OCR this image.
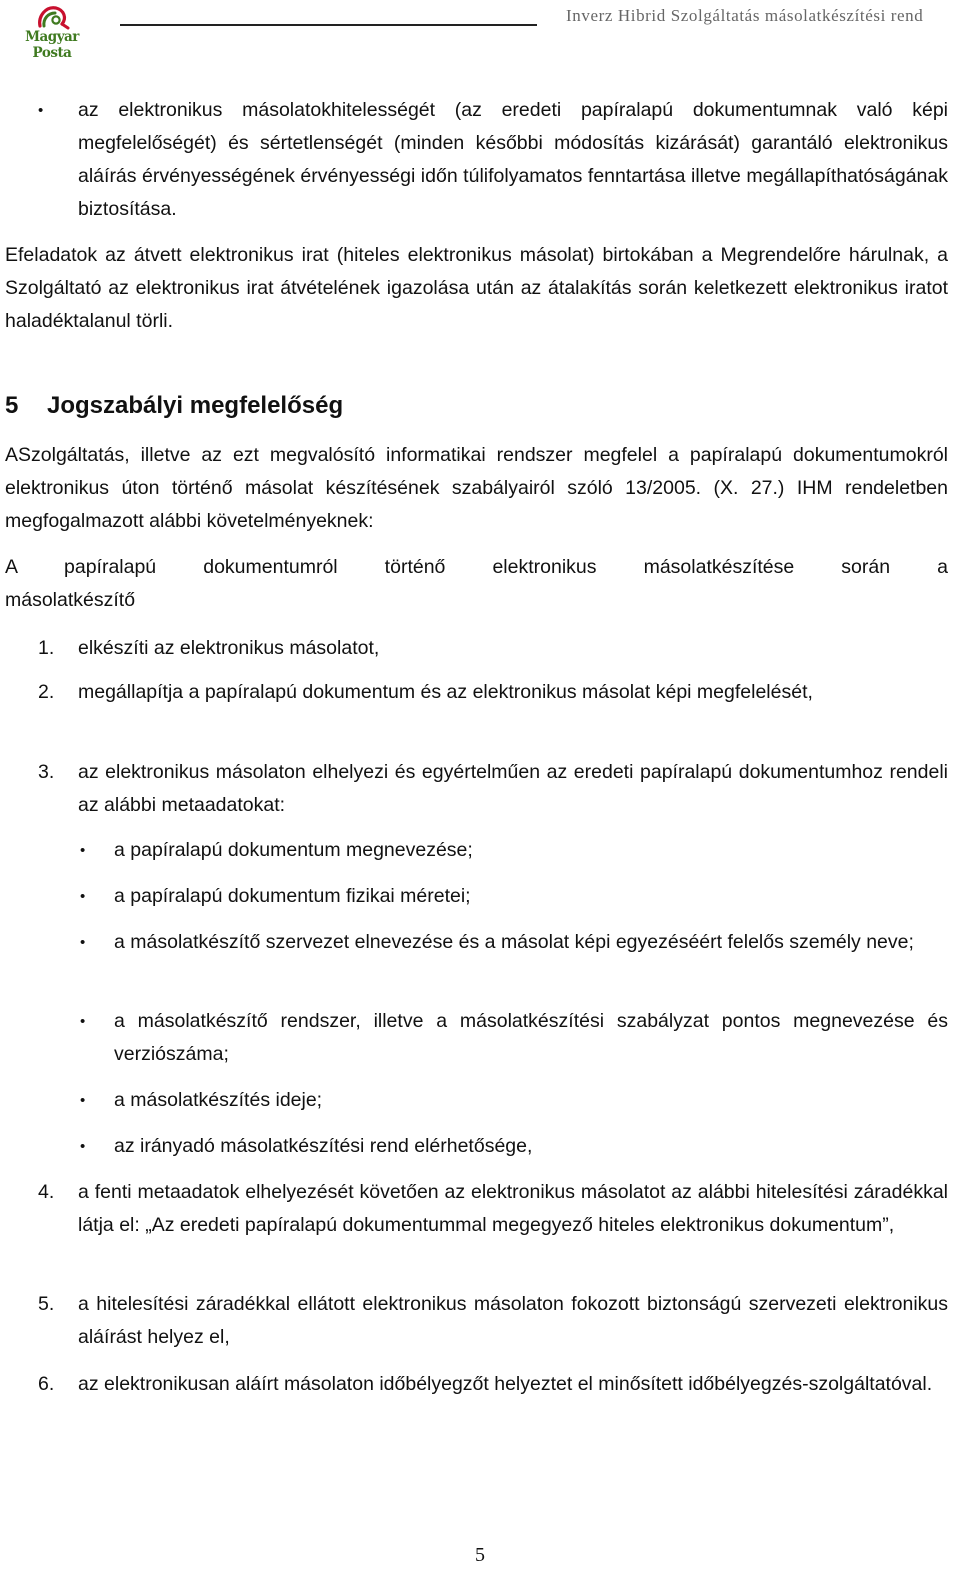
Magyar Posta
Inverz Hibrid Szolgáltatás másolatkészítési rend
• az elektronikus másolatokhitelességét (az eredeti papíralapú dokumentumnak való képi megfelelőségét) és sértetlenségét (minden későbbi módosítás kizárását) garantáló elektronikus aláírás érvényességének érvényességi időn túlifolyamatos fenntartása illetve megállapíthatóságának biztosítása.
Efeladatok az átvett elektronikus irat (hiteles elektronikus másolat) birtokában a Megrendelőre hárulnak, a Szolgáltató az elektronikus irat átvételének igazolása után az átalakítás során keletkezett elektronikus iratot haladéktalanul törli.
5 Jogszabályi megfelelőség
ASzolgáltatás, illetve az ezt megvalósító informatikai rendszer megfelel a papíralapú dokumentumokról elektronikus úton történő másolat készítésének szabályairól szóló 13/2005. (X. 27.) IHM rendeletben megfogalmazott alábbi követelményeknek:
A papíralapú dokumentumról történő elektronikus másolatkészítése során a
másolatkészítő
1. elkészíti az elektronikus másolatot,
2. megállapítja a papíralapú dokumentum és az elektronikus másolat képi megfelelését,
3. az elektronikus másolaton elhelyezi és egyértelműen az eredeti papíralapú dokumentumhoz rendeli az alábbi metaadatokat:
• a papíralapú dokumentum megnevezése;
• a papíralapú dokumentum fizikai méretei;
• a másolatkészítő szervezet elnevezése és a másolat képi egyezéséért felelős személy neve;
• a másolatkészítő rendszer, illetve a másolatkészítési szabályzat pontos megnevezése és verziószáma;
• a másolatkészítés ideje;
• az irányadó másolatkészítési rend elérhetősége,
4. a fenti metaadatok elhelyezését követően az elektronikus másolatot az alábbi hitelesítési záradékkal látja el: „Az eredeti papíralapú dokumentummal megegyező hiteles elektronikus dokumentum”,
5. a hitelesítési záradékkal ellátott elektronikus másolaton fokozott biztonságú szervezeti elektronikus aláírást helyez el,
6. az elektronikusan aláírt másolaton időbélyegzőt helyeztet el minősített időbélyegzés-szolgáltatóval.
5
